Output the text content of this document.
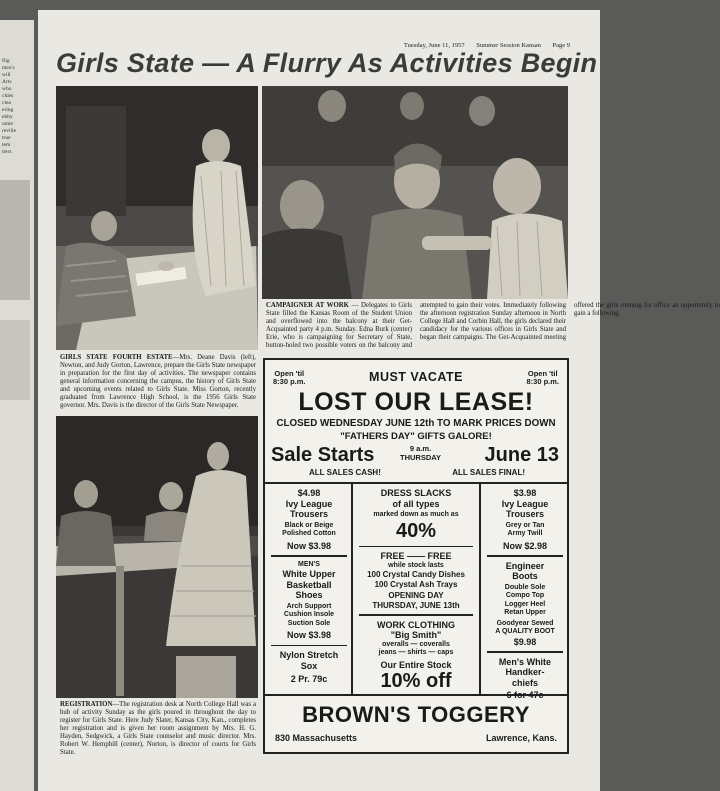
flig
men's
will
Arts
who
ckles
clea
ering
ebby
omie
reville
true
tem
tters
Tuesday, June 11, 1957 Summer Session Kansan Page 9
Girls State — A Flurry As Activities Begin
CAMPAIGNER AT WORK — Delegates to Girls State filled the Kansas Room of the Student Union and overflowed into the balcony at their Get-Acquainted party 4 p.m. Sunday. Edna Burk (center) Erie, who is campaigning for Secretary of State, button-holed two possible voters on the balcony and attempted to gain their votes. Immediately following the afternoon registration Sunday afternoon in North College Hall and Corbin Hall, the girls declared their candidacy for the various offices in Girls State and began their campaigns. The Get-Acquainted meeting offered the girls running for office an opportunity to gain a following.
GIRLS STATE FOURTH ESTATE—Mrs. Deane Davis (left), Newton, and Judy Gorton, Lawrence, prepare the Girls State newspaper in preparation for the first day of activities. The newspaper contains general information concerning the campus, the history of Girls State and upcoming events related to Girls State. Miss Gorton, recently graduated from Lawrence High School, is the 1956 Girls State governor. Mrs. Davis is the director of the Girls State Newspaper.
REGISTRATION—The registration desk at North College Hall was a hub of activity Sunday as the girls poured in throughout the day to register for Girls State. Here Judy Slater, Kansas City, Kan., completes her registration and is given her room assignment by Mrs. H. G. Hayden, Sedgwick, a Girls State counselor and music director. Mrs. Robert W. Hemphill (center), Norton, is director of courts for Girls State.
Open 'til
8:30 p.m.	MUST VACATE	Open 'til
8:30 p.m.
LOST OUR LEASE!
CLOSED WEDNESDAY JUNE 12th TO MARK PRICES DOWN
"FATHERS DAY" GIFTS GALORE!
Sale Starts	9 a.m.
THURSDAY June 13
ALL SALES CASH!	ALL SALES FINAL!
$4.98
Ivy League
Trousers
Black or Beige
Polished Cotton
Now $3.98
MEN'S
White Upper
Basketball
Shoes
Arch Support
Cushion Insole
Suction Sole
Now $3.98
Nylon Stretch
Sox
2 Pr. 79c
DRESS SLACKS
of all types
marked down as much as
40%
FREE —— FREE
while stock lasts
100 Crystal Candy Dishes
100 Crystal Ash Trays
OPENING DAY
THURSDAY, JUNE 13th
WORK CLOTHING
"Big Smith"
overalls — coveralls
jeans — shirts — caps
Our Entire Stock
10% off
$3.98
Ivy League
Trousers
Grey or Tan
Army Twill
Now $2.98
Engineer
Boots
Double Sole
Compo Top
Logger Heel
Retan Upper
Goodyear Sewed
A QUALITY BOOT
$9.98
Men's White
Handker-
chiefs
6 for 47c
BROWN'S TOGGERY
830 Massachusetts	Lawrence, Kans.
